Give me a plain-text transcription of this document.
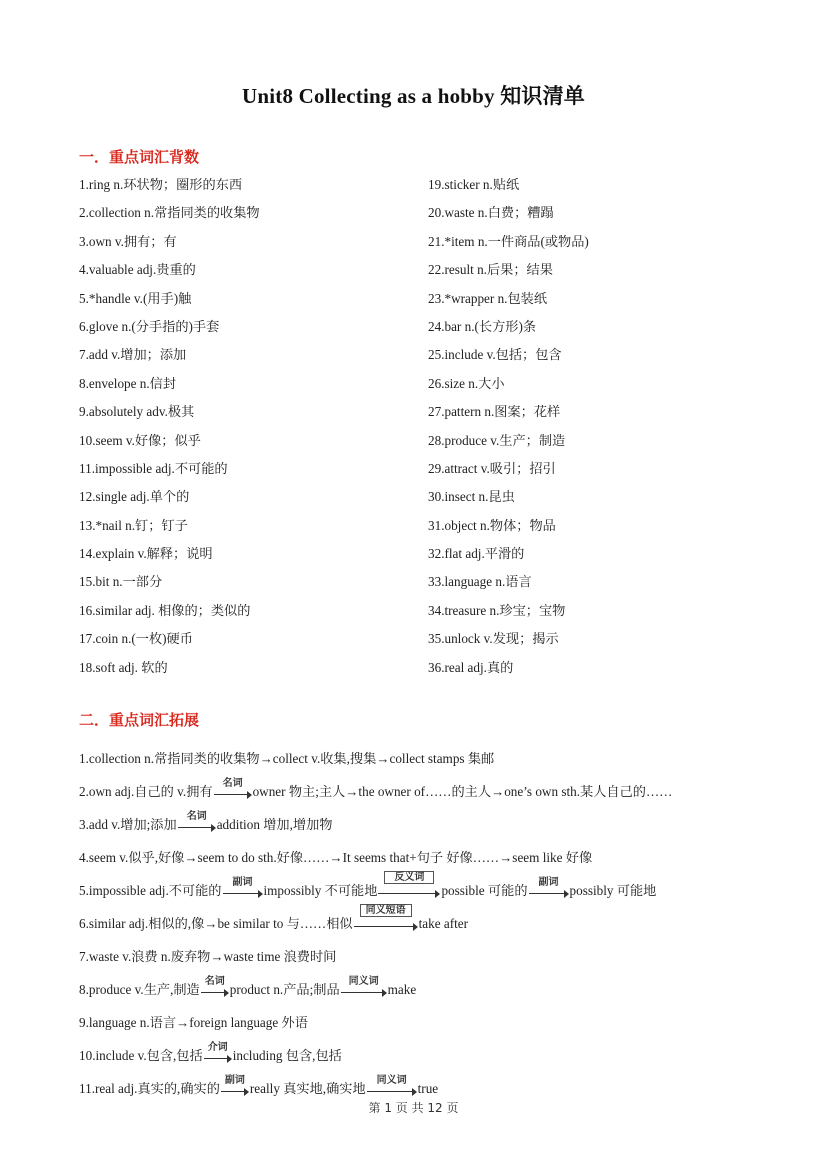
Unit8 Collecting as a hobby 知识清单
一．重点词汇背数
1.ring n.环状物；圈形的东西
2.collection n.常指同类的收集物
3.own v.拥有；有
4.valuable adj.贵重的
5.*handle v.(用手)触
6.glove n.(分手指的)手套
7.add v.增加；添加
8.envelope n.信封
9.absolutely adv.极其
10.seem v.好像；似乎
11.impossible adj.不可能的
12.single adj.单个的
13.*nail n.钉；钉子
14.explain v.解释；说明
15.bit n.一部分
16.similar adj. 相像的；类似的
17.coin n.(一枚)硬币
18.soft adj. 软的
19.sticker n.贴纸
20.waste n.白费；糟蹋
21.*item n.一件商品(或物品)
22.result n.后果；结果
23.*wrapper n.包装纸
24.bar n.(长方形)条
25.include v.包括；包含
26.size n.大小
27.pattern n.图案；花样
28.produce v.生产；制造
29.attract v.吸引；招引
30.insect n.昆虫
31.object n.物体；物品
32.flat adj.平滑的
33.language n.语言
34.treasure n.珍宝；宝物
35.unlock v.发现；揭示
36.real adj.真的
二．重点词汇拓展
1.collection n.常指同类的收集物→collect v.收集,搜集→collect stamps 集邮
2.own adj.自己的 v.拥有
名词
owner 物主;主人→the owner of……的主人→one’s own sth.某人自己的……
3.add v.增加;添加
名词
addition 增加,增加物
4.seem v.似乎,好像→seem to do sth.好像……→It seems that+句子 好像……→seem like 好像
5.impossible adj.不可能的
副词
impossibly 不可能地
反义词
possible 可能的
副词
possibly 可能地
6.similar adj.相似的,像→be similar to 与……相似
同义短语
take after
7.waste v.浪费 n.废弃物→waste time 浪费时间
8.produce v.生产,制造
名词
product n.产品;制品
同义词
make
9.language n.语言→foreign language 外语
10.include v.包含,包括
介词
including 包含,包括
11.real adj.真实的,确实的
副词
really 真实地,确实地
同义词
true
第 1 页 共 12 页
